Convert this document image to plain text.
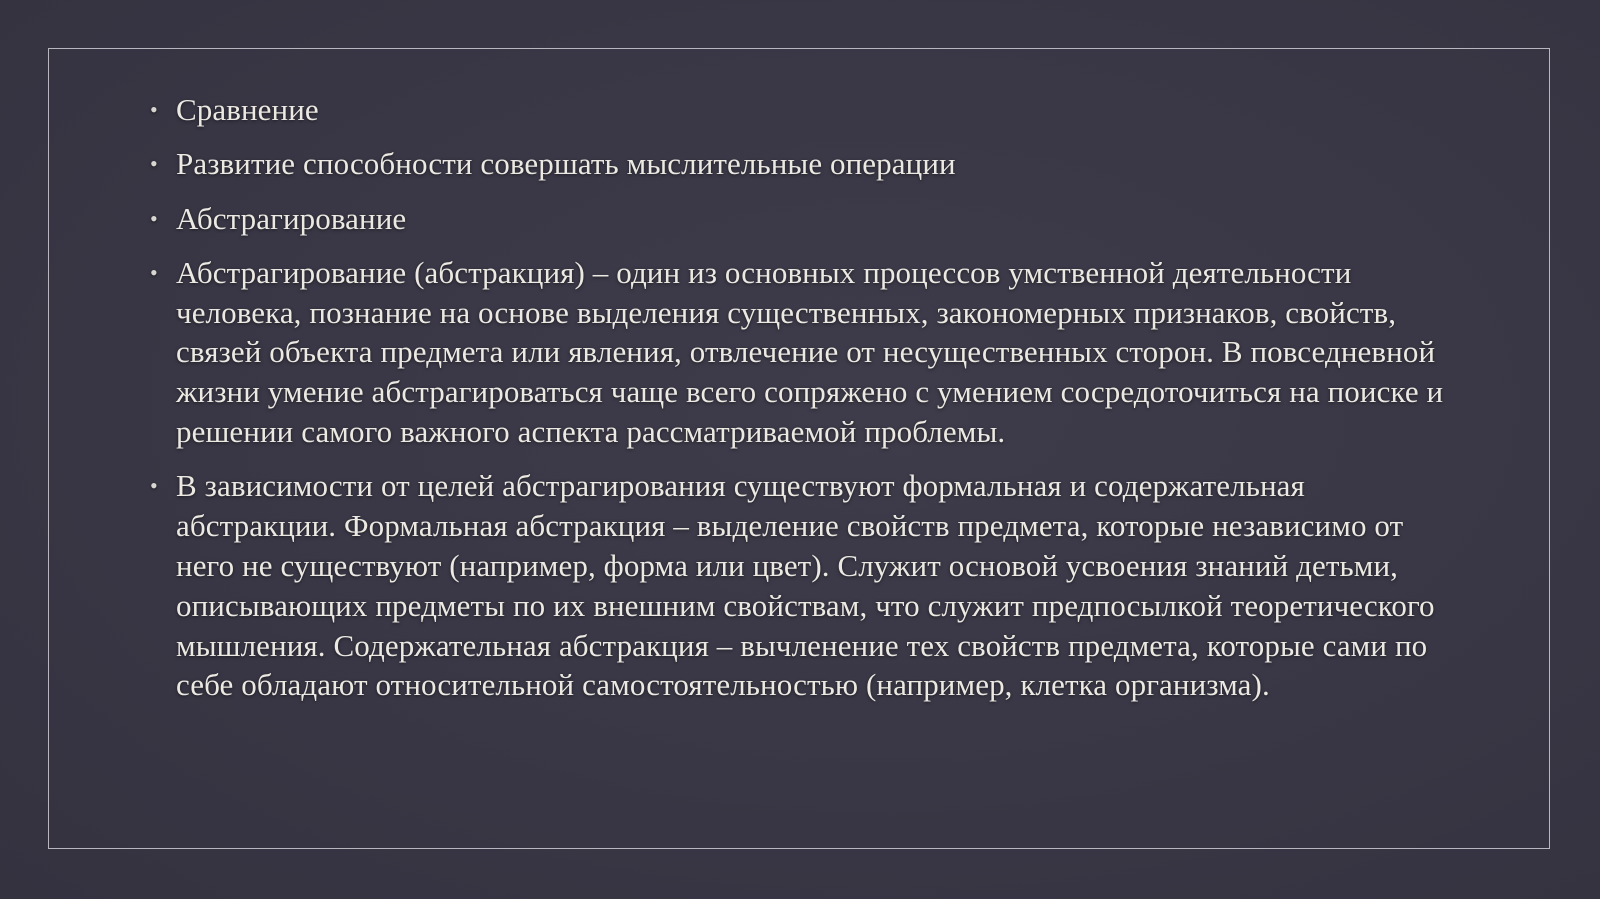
• Сравнение
• Развитие способности совершать мыслительные операции
• Абстрагирование
• Абстрагирование (абстракция) – один из основных процессов умственной деятельности человека, познание на основе выделения существенных, закономерных признаков, свойств, связей объекта предмета или явления, отвлечение от несущественных сторон. В повседневной жизни умение абстрагироваться чаще всего сопряжено с умением сосредоточиться на поиске и решении самого важного аспекта рассматриваемой проблемы.
• В зависимости от целей абстрагирования существуют формальная и содержательная абстракции. Формальная абстракция – выделение свойств предмета, которые независимо от него не существуют (например, форма или цвет). Служит основой усвоения знаний детьми, описывающих предметы по их внешним свойствам, что служит предпосылкой теоретического мышления. Содержательная абстракция – вычленение тех свойств предмета, которые сами по себе обладают относительной самостоятельностью (например, клетка организма).
